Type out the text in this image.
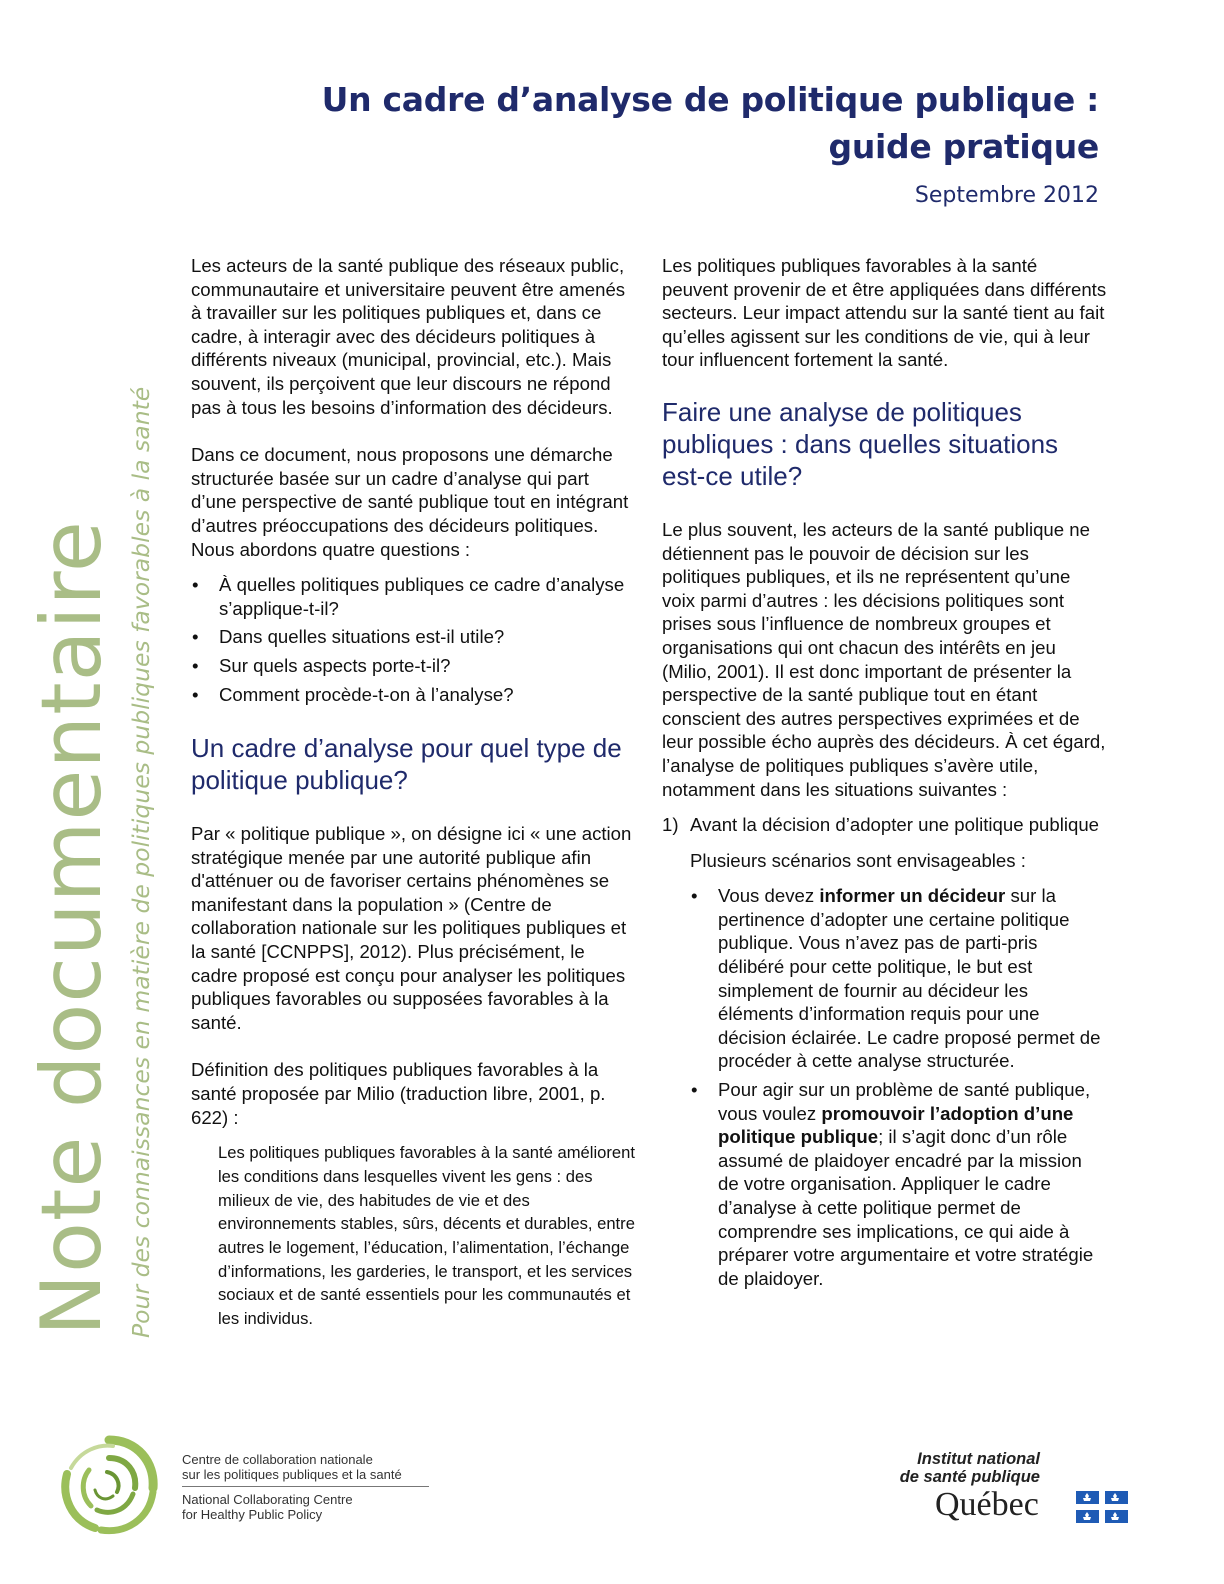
Un cadre d’analyse de politique publique :
guide pratique

Septembre 2012

Note documentaire Pour des connaissances en matière de politiques publiques favorables à la santé

Les acteurs de la santé publique des réseaux public, communautaire et universitaire peuvent être amenés à travailler sur les politiques publiques et, dans ce cadre, à interagir avec des décideurs politiques à différents niveaux (municipal, provincial, etc.). Mais souvent, ils perçoivent que leur discours ne répond pas à tous les besoins d’information des décideurs.

Dans ce document, nous proposons une démarche structurée basée sur un cadre d’analyse qui part d’une perspective de santé publique tout en intégrant d’autres préoccupations des décideurs politiques. Nous abordons quatre questions :

• À quelles politiques publiques ce cadre d’analyse s’applique-t-il?
• Dans quelles situations est-il utile?
• Sur quels aspects porte-t-il?
• Comment procède-t-on à l’analyse?
Un cadre d’analyse pour quel type de politique publique?

Par « politique publique », on désigne ici « une action stratégique menée par une autorité publique afin d'atténuer ou de favoriser certains phénomènes se manifestant dans la population » (Centre de collaboration nationale sur les politiques publiques et la santé [CCNPPS], 2012). Plus précisément, le cadre proposé est conçu pour analyser les politiques publiques favorables ou supposées favorables à la santé.

Définition des politiques publiques favorables à la santé proposée par Milio (traduction libre, 2001, p. 622) :

Les politiques publiques favorables à la santé améliorent les conditions dans lesquelles vivent les gens : des milieux de vie, des habitudes de vie et des environnements stables, sûrs, décents et durables, entre autres le logement, l’éducation, l’alimentation, l’échange d’informations, les garderies, le transport, et les services sociaux et de santé essentiels pour les communautés et les individus.

Les politiques publiques favorables à la santé peuvent provenir de et être appliquées dans différents secteurs. Leur impact attendu sur la santé tient au fait qu’elles agissent sur les conditions de vie, qui à leur tour influencent fortement la santé.

Faire une analyse de politiques publiques : dans quelles situations est-ce utile?

Le plus souvent, les acteurs de la santé publique ne détiennent pas le pouvoir de décision sur les politiques publiques, et ils ne représentent qu’une voix parmi d’autres : les décisions politiques sont prises sous l’influence de nombreux groupes et organisations qui ont chacun des intérêts en jeu (Milio, 2001). Il est donc important de présenter la perspective de la santé publique tout en étant conscient des autres perspectives exprimées et de leur possible écho auprès des décideurs. À cet égard, l’analyse de politiques publiques s’avère utile, notamment dans les situations suivantes :

1) Avant la décision d’adopter une politique publique

Plusieurs scénarios sont envisageables :

• Vous devez informer un décideur sur la pertinence d’adopter une certaine politique publique. Vous n’avez pas de parti-pris délibéré pour cette politique, le but est simplement de fournir au décideur les éléments d’information requis pour une décision éclairée. Le cadre proposé permet de procéder à cette analyse structurée.
• Pour agir sur un problème de santé publique, vous voulez promouvoir l’adoption d’une politique publique; il s’agit donc d’un rôle assumé de plaidoyer encadré par la mission de votre organisation. Appliquer le cadre d’analyse à cette politique permet de comprendre ses implications, ce qui aide à préparer votre argumentaire et votre stratégie de plaidoyer.
Centre de collaboration nationale
sur les politiques publiques et la santé
National Collaborating Centre
for Healthy Public Policy
Institut national
de santé publique
Québec
